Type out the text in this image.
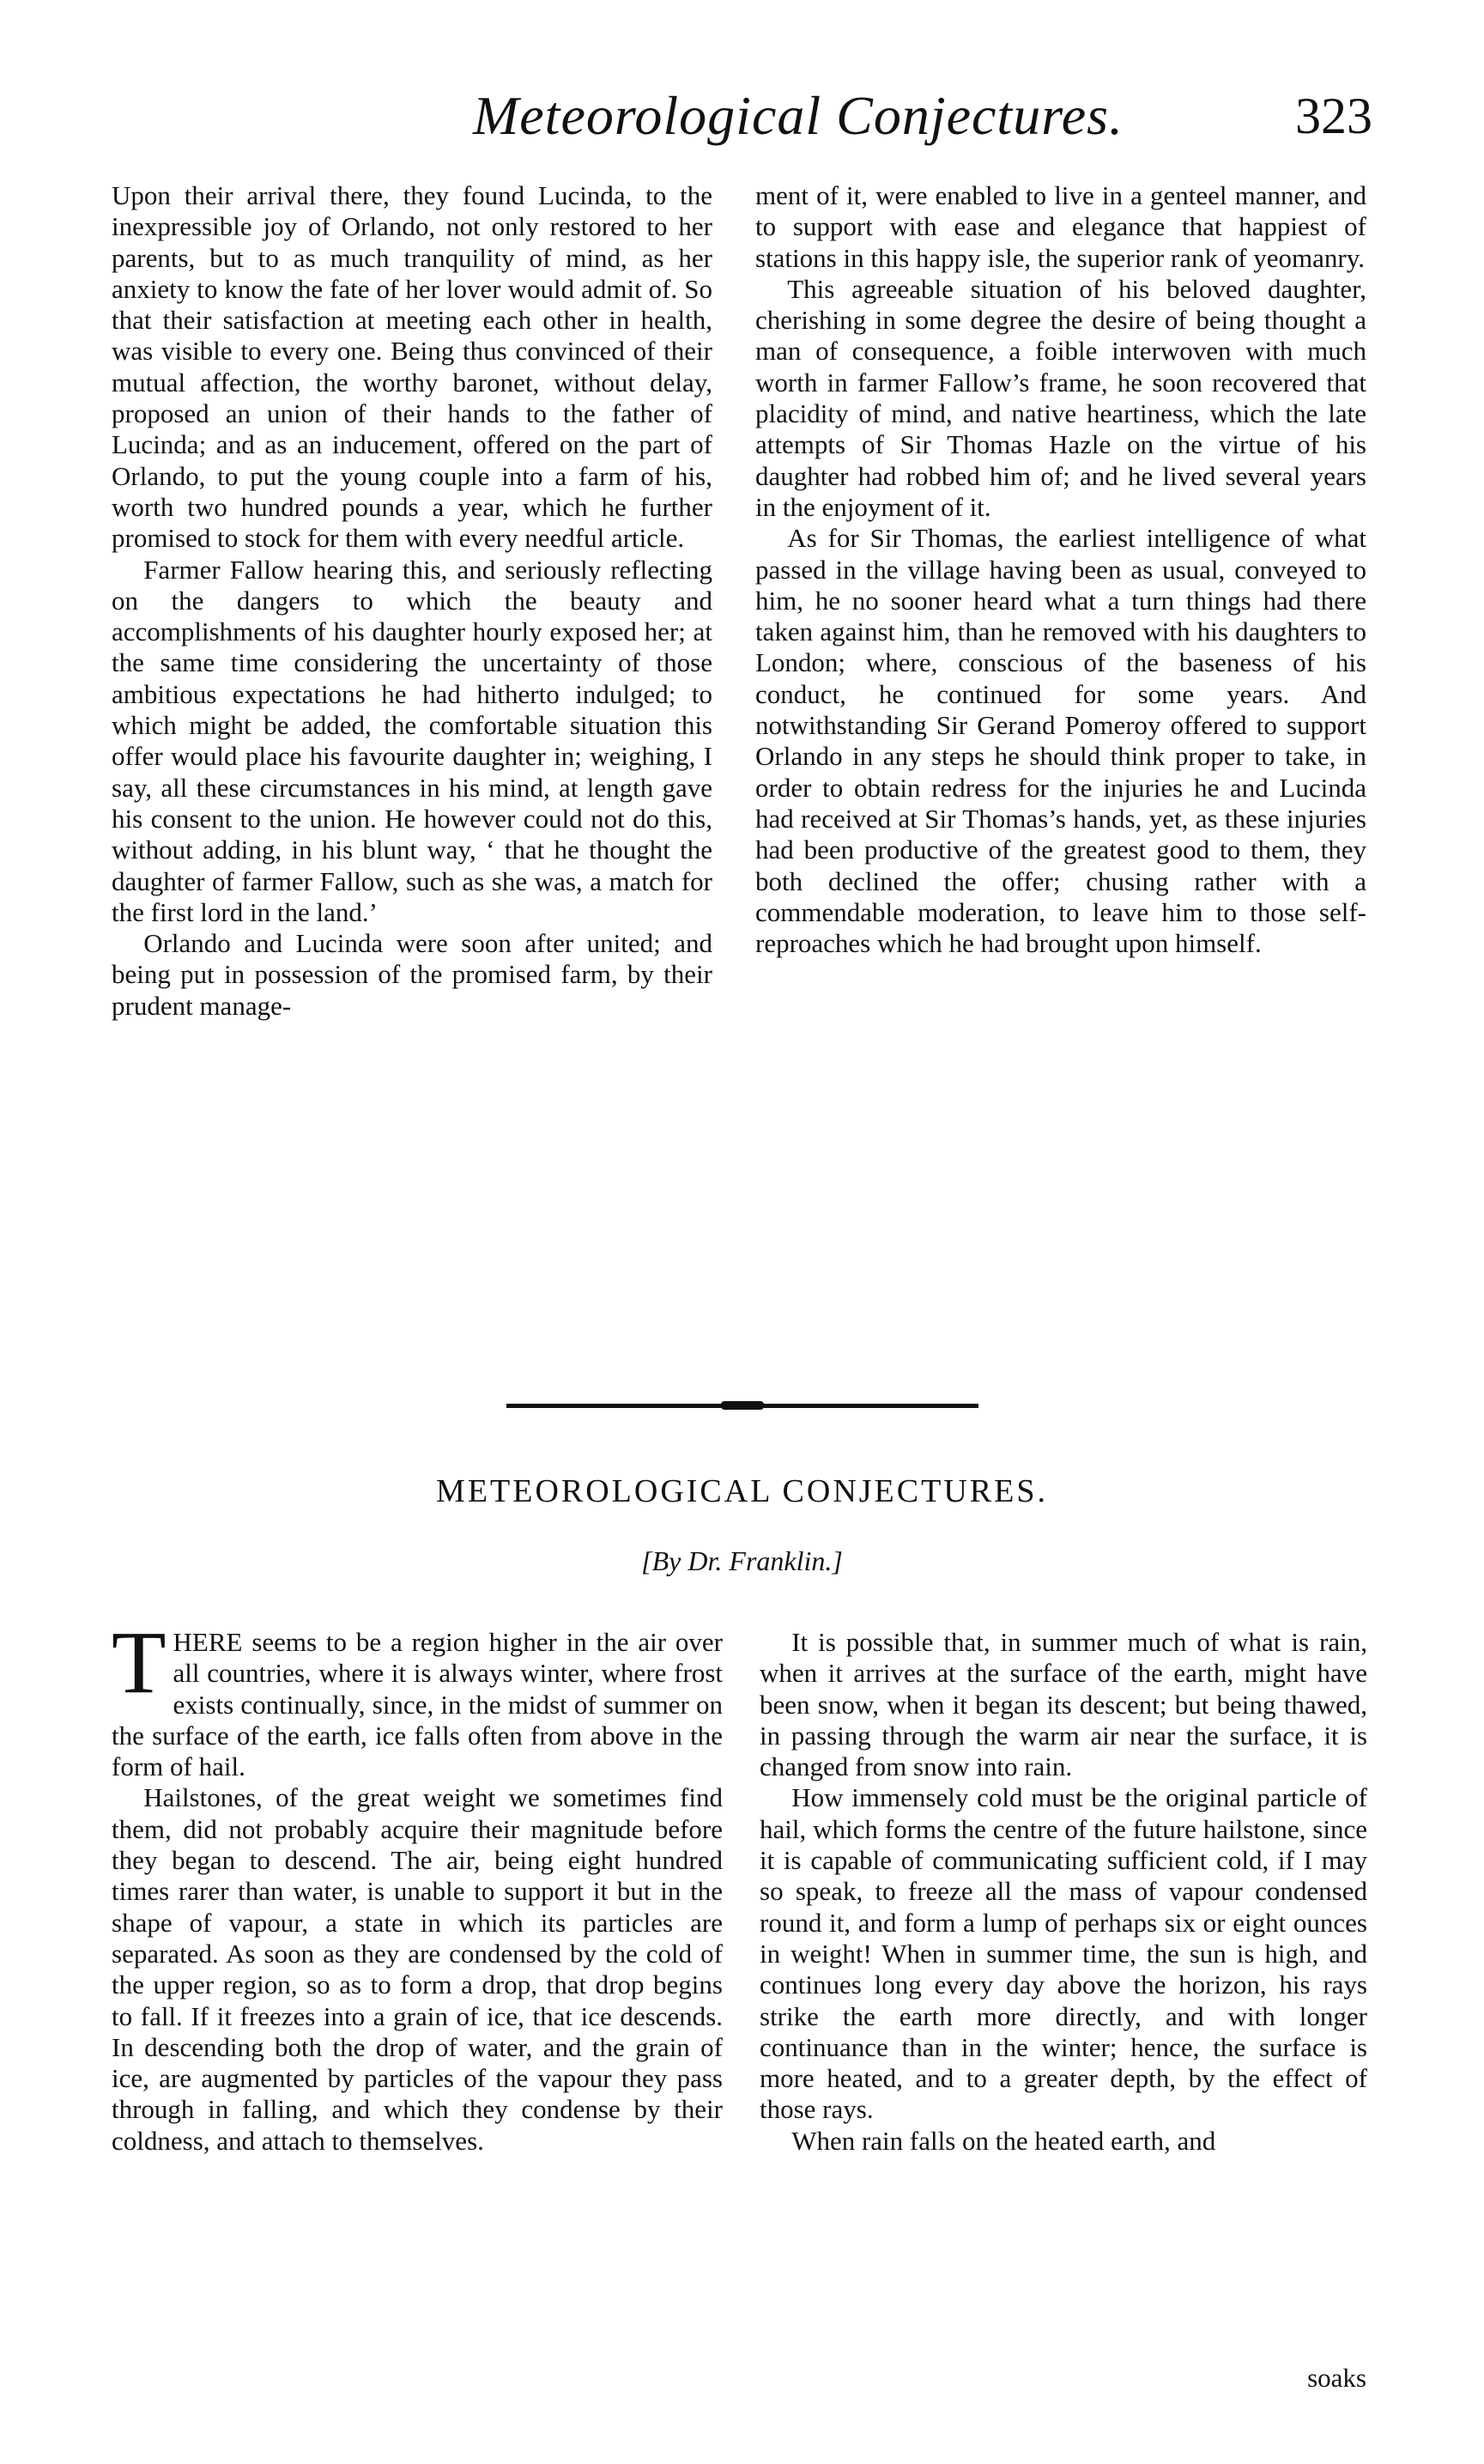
Meteorological Conjectures.	323

Upon their arrival there, they found Lucinda, to the inexpressible joy of Orlando, not only restored to her parents, but to as much tranquility of mind, as her anxiety to know the fate of her lover would admit of. So that their satisfaction at meeting each other in health, was visible to every one. Being thus convinced of their mutual affection, the worthy baronet, without delay, proposed an union of their hands to the father of Lucinda; and as an inducement, offered on the part of Orlando, to put the young couple into a farm of his, worth two hundred pounds a year, which he further promised to stock for them with every needful article.

Farmer Fallow hearing this, and seriously reflecting on the dangers to which the beauty and accomplishments of his daughter hourly exposed her; at the same time considering the uncertainty of those ambitious expectations he had hitherto indulged; to which might be added, the comfortable situation this offer would place his favourite daughter in; weighing, I say, all these circumstances in his mind, at length gave his consent to the union. He however could not do this, without adding, in his blunt way, ‘ that he thought the daughter of farmer Fallow, such as she was, a match for the first lord in the land.’

Orlando and Lucinda were soon after united; and being put in possession of the promised farm, by their prudent manage-

ment of it, were enabled to live in a genteel manner, and to support with ease and elegance that happiest of stations in this happy isle, the superior rank of yeomanry.

This agreeable situation of his beloved daughter, cherishing in some degree the desire of being thought a man of consequence, a foible interwoven with much worth in farmer Fallow’s frame, he soon recovered that placidity of mind, and native heartiness, which the late attempts of Sir Thomas Hazle on the virtue of his daughter had robbed him of; and he lived several years in the enjoyment of it.

As for Sir Thomas, the earliest intelligence of what passed in the village having been as usual, conveyed to him, he no sooner heard what a turn things had there taken against him, than he removed with his daughters to London; where, conscious of the baseness of his conduct, he continued for some years. And notwithstanding Sir Gerand Pomeroy offered to support Orlando in any steps he should think proper to take, in order to obtain redress for the injuries he and Lucinda had received at Sir Thomas’s hands, yet, as these injuries had been productive of the greatest good to them, they both declined the offer; chusing rather with a commendable moderation, to leave him to those self-reproaches which he had brought upon himself.

METEOROLOGICAL CONJECTURES.
[By Dr. Franklin.]

THERE seems to be a region higher in the air over all countries, where it is always winter, where frost exists continually, since, in the midst of summer on the surface of the earth, ice falls often from above in the form of hail.

Hailstones, of the great weight we sometimes find them, did not probably acquire their magnitude before they began to descend. The air, being eight hundred times rarer than water, is unable to support it but in the shape of vapour, a state in which its particles are separated. As soon as they are condensed by the cold of the upper region, so as to form a drop, that drop begins to fall. If it freezes into a grain of ice, that ice descends. In descending both the drop of water, and the grain of ice, are augmented by particles of the vapour they pass through in falling, and which they condense by their coldness, and attach to themselves.

It is possible that, in summer much of what is rain, when it arrives at the surface of the earth, might have been snow, when it began its descent; but being thawed, in passing through the warm air near the surface, it is changed from snow into rain.

How immensely cold must be the original particle of hail, which forms the centre of the future hailstone, since it is capable of communicating sufficient cold, if I may so speak, to freeze all the mass of vapour condensed round it, and form a lump of perhaps six or eight ounces in weight! When in summer time, the sun is high, and continues long every day above the horizon, his rays strike the earth more directly, and with longer continuance than in the winter; hence, the surface is more heated, and to a greater depth, by the effect of those rays.

When rain falls on the heated earth, and

soaks
